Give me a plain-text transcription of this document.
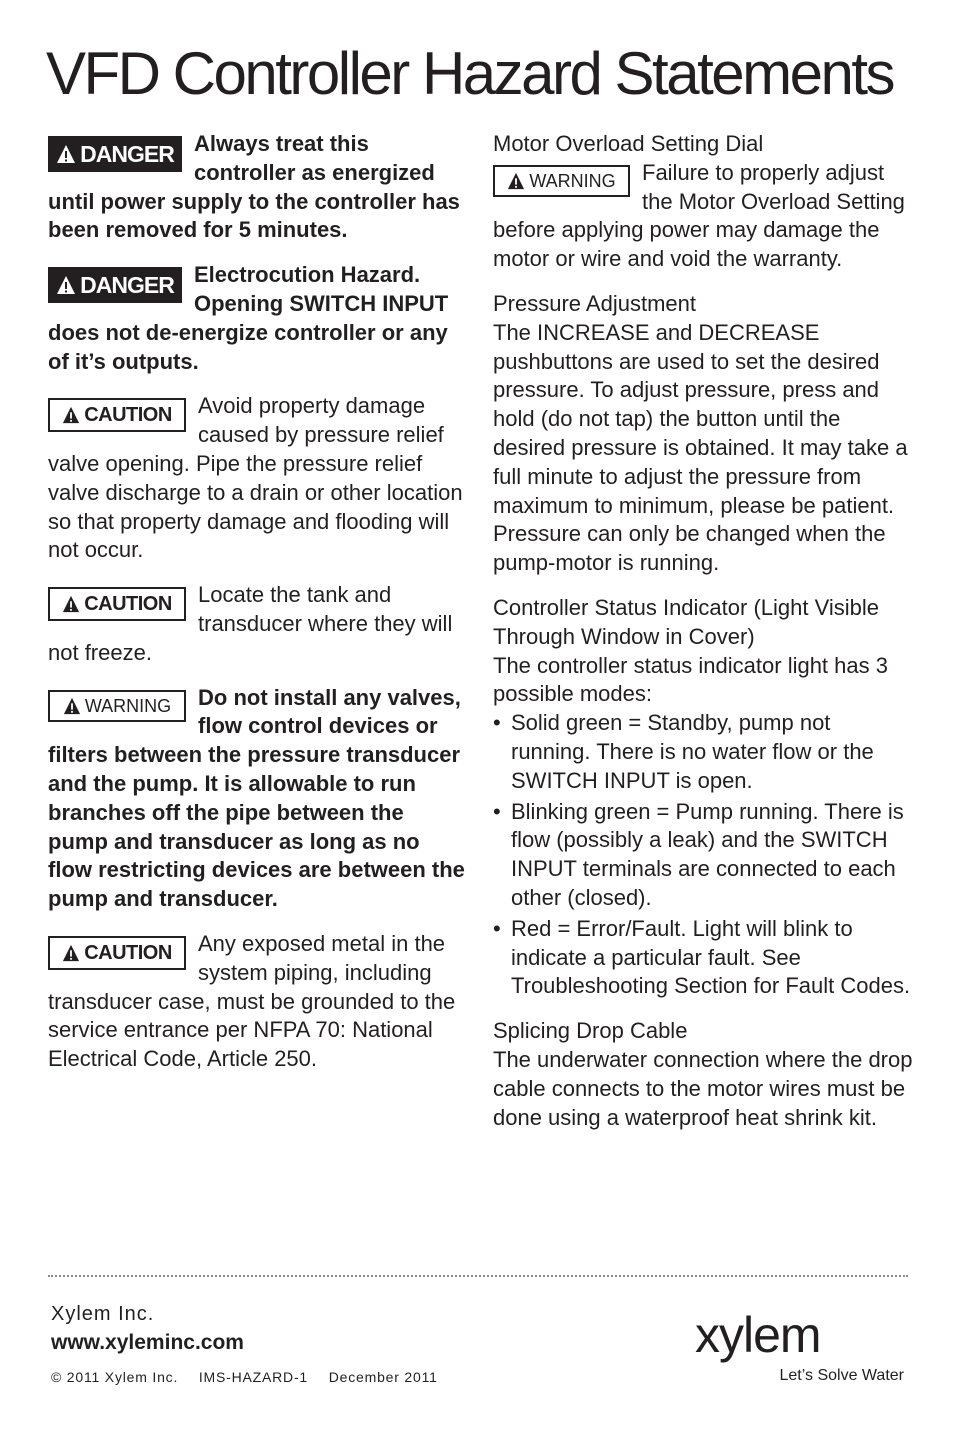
VFD Controller Hazard Statements
DANGER Always treat this controller as energized until power supply to the controller has been removed for 5 minutes.
DANGER Electrocution Hazard. Opening SWITCH INPUT does not de-energize controller or any of it’s outputs.
CAUTION Avoid property damage caused by pressure relief valve opening. Pipe the pressure relief valve discharge to a drain or other location so that property damage and flooding will not occur.
CAUTION Locate the tank and transducer where they will not freeze.
WARNING Do not install any valves, flow control devices or filters between the pressure transducer and the pump. It is allowable to run branches off the pipe between the pump and transducer as long as no flow restricting devices are between the pump and transducer.
CAUTION Any exposed metal in the system piping, including transducer case, must be grounded to the service entrance per NFPA 70: National Electrical Code, Article 250.
Motor Overload Setting Dial
WARNING Failure to properly adjust the Motor Overload Setting before applying power may damage the motor or wire and void the warranty.
Pressure Adjustment
The INCREASE and DECREASE pushbuttons are used to set the desired pressure. To adjust pressure, press and hold (do not tap) the button until the desired pressure is obtained. It may take a full minute to adjust the pressure from maximum to minimum, please be patient. Pressure can only be changed when the pump-motor is running.
Controller Status Indicator (Light Visible Through Window in Cover)
The controller status indicator light has 3 possible modes:
• Solid green = Standby, pump not running. There is no water flow or the SWITCH INPUT is open.
• Blinking green = Pump running. There is flow (possibly a leak) and the SWITCH INPUT terminals are connected to each other (closed).
• Red = Error/Fault. Light will blink to indicate a particular fault. See Troubleshooting Section for Fault Codes.
Splicing Drop Cable
The underwater connection where the drop cable connects to the motor wires must be done using a waterproof heat shrink kit.
Xylem Inc.
www.xyleminc.com
© 2011 Xylem Inc. IMS-HAZARD-1 December 2011
xylem
Let’s Solve Water
